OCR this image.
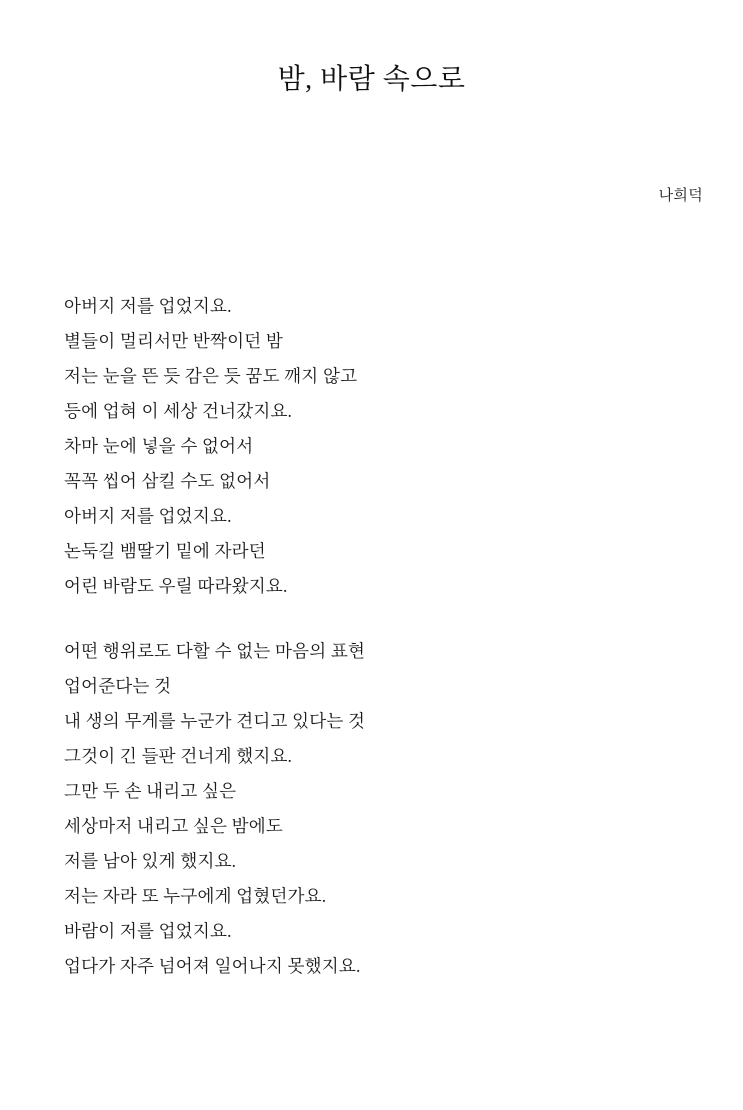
밤, 바람 속으로
나희덕
아버지 저를 업었지요.
별들이 멀리서만 반짝이던 밤
저는 눈을 뜬 듯 감은 듯 꿈도 깨지 않고
등에 업혀 이 세상 건너갔지요.
차마 눈에 넣을 수 없어서
꼭꼭 씹어 삼킬 수도 없어서
아버지 저를 업었지요.
논둑길 뱀딸기 밑에 자라던
어린 바람도 우릴 따라왔지요.
어떤 행위로도 다할 수 없는 마음의 표현
업어준다는 것
내 생의 무게를 누군가 견디고 있다는 것
그것이 긴 들판 건너게 했지요.
그만 두 손 내리고 싶은
세상마저 내리고 싶은 밤에도
저를 남아 있게 했지요.
저는 자라 또 누구에게 업혔던가요.
바람이 저를 업었지요.
업다가 자주 넘어져 일어나지 못했지요.
